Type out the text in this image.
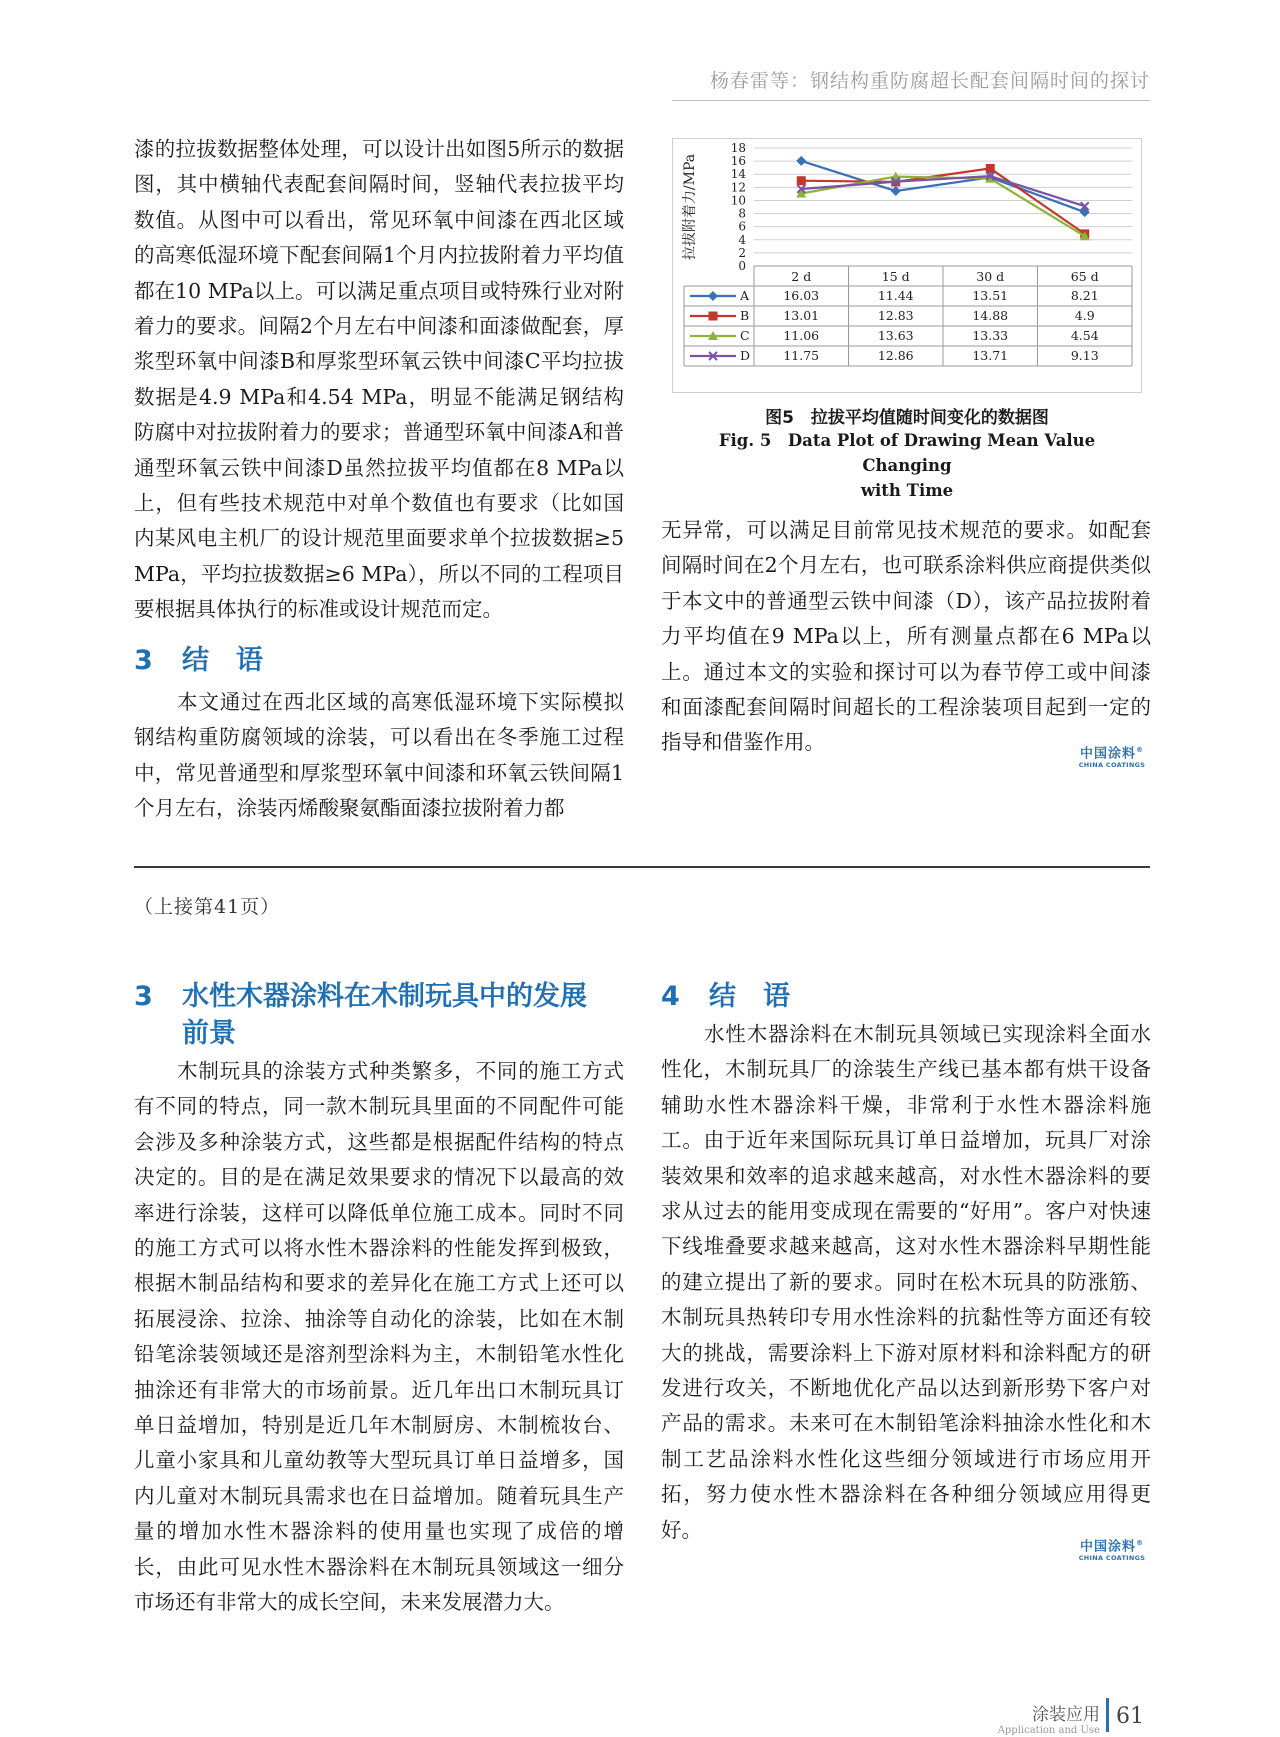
杨春雷等：钢结构重防腐超长配套间隔时间的探讨

漆的拉拔数据整体处理，可以设计出如图5所示的数据图，其中横轴代表配套间隔时间，竖轴代表拉拔平均数值。从图中可以看出，常见环氧中间漆在西北区域的高寒低湿环境下配套间隔1个月内拉拔附着力平均值都在10 MPa以上。可以满足重点项目或特殊行业对附着力的要求。间隔2个月左右中间漆和面漆做配套，厚浆型环氧中间漆B和厚浆型环氧云铁中间漆C平均拉拔数据是4.9 MPa和4.54 MPa，明显不能满足钢结构防腐中对拉拔附着力的要求；普通型环氧中间漆A和普通型环氧云铁中间漆D虽然拉拔平均值都在8 MPa以上，但有些技术规范中对单个数值也有要求（比如国内某风电主机厂的设计规范里面要求单个拉拔数据≥5 MPa，平均拉拔数据≥6 MPa），所以不同的工程项目要根据具体执行的标准或设计规范而定。

3 结　语

本文通过在西北区域的高寒低湿环境下实际模拟钢结构重防腐领域的涂装，可以看出在冬季施工过程中，常见普通型和厚浆型环氧中间漆和环氧云铁间隔1个月左右，涂装丙烯酸聚氨酯面漆拉拔附着力都

0
2
4
6
8
10
12
14
16
18
拉拔附着力/MPa
2 d	15 d	30 d	65 d
A	16.03	11.44	13.51	8.21
B	13.01	12.83	14.88	4.9
C	11.06	13.63	13.33	4.54
D	11.75	12.86	13.71	9.13
图5　拉拔平均值随时间变化的数据图
Fig. 5　Data Plot of Drawing Mean Value Changing
with Time

无异常，可以满足目前常见技术规范的要求。如配套间隔时间在2个月左右，也可联系涂料供应商提供类似于本文中的普通型云铁中间漆（D），该产品拉拔附着力平均值在9 MPa以上，所有测量点都在6 MPa以上。通过本文的实验和探讨可以为春节停工或中间漆和面漆配套间隔时间超长的工程涂装项目起到一定的指导和借鉴作用。	中国涂料®
CHINA COATINGS
（上接第41页）
3 水性木器涂料在木制玩具中的发展
前景

木制玩具的涂装方式种类繁多，不同的施工方式有不同的特点，同一款木制玩具里面的不同配件可能会涉及多种涂装方式，这些都是根据配件结构的特点决定的。目的是在满足效果要求的情况下以最高的效率进行涂装，这样可以降低单位施工成本。同时不同的施工方式可以将水性木器涂料的性能发挥到极致，根据木制品结构和要求的差异化在施工方式上还可以拓展浸涂、拉涂、抽涂等自动化的涂装，比如在木制铅笔涂装领域还是溶剂型涂料为主，木制铅笔水性化抽涂还有非常大的市场前景。近几年出口木制玩具订单日益增加，特别是近几年木制厨房、木制梳妆台、儿童小家具和儿童幼教等大型玩具订单日益增多，国内儿童对木制玩具需求也在日益增加。随着玩具生产量的增加水性木器涂料的使用量也实现了成倍的增长，由此可见水性木器涂料在木制玩具领域这一细分市场还有非常大的成长空间，未来发展潜力大。

4 结　语

水性木器涂料在木制玩具领域已实现涂料全面水性化，木制玩具厂的涂装生产线已基本都有烘干设备辅助水性木器涂料干燥，非常利于水性木器涂料施工。由于近年来国际玩具订单日益增加，玩具厂对涂装效果和效率的追求越来越高，对水性木器涂料的要求从过去的能用变成现在需要的“好用”。客户对快速下线堆叠要求越来越高，这对水性木器涂料早期性能的建立提出了新的要求。同时在松木玩具的防涨筋、木制玩具热转印专用水性涂料的抗黏性等方面还有较大的挑战，需要涂料上下游对原材料和涂料配方的研发进行攻关，不断地优化产品以达到新形势下客户对产品的需求。未来可在木制铅笔涂料抽涂水性化和木制工艺品涂料水性化这些细分领域进行市场应用开拓，努力使水性木器涂料在各种细分领域应用得更好。

中国涂料®
CHINA COATINGS
涂装应用
Application and Use
61
